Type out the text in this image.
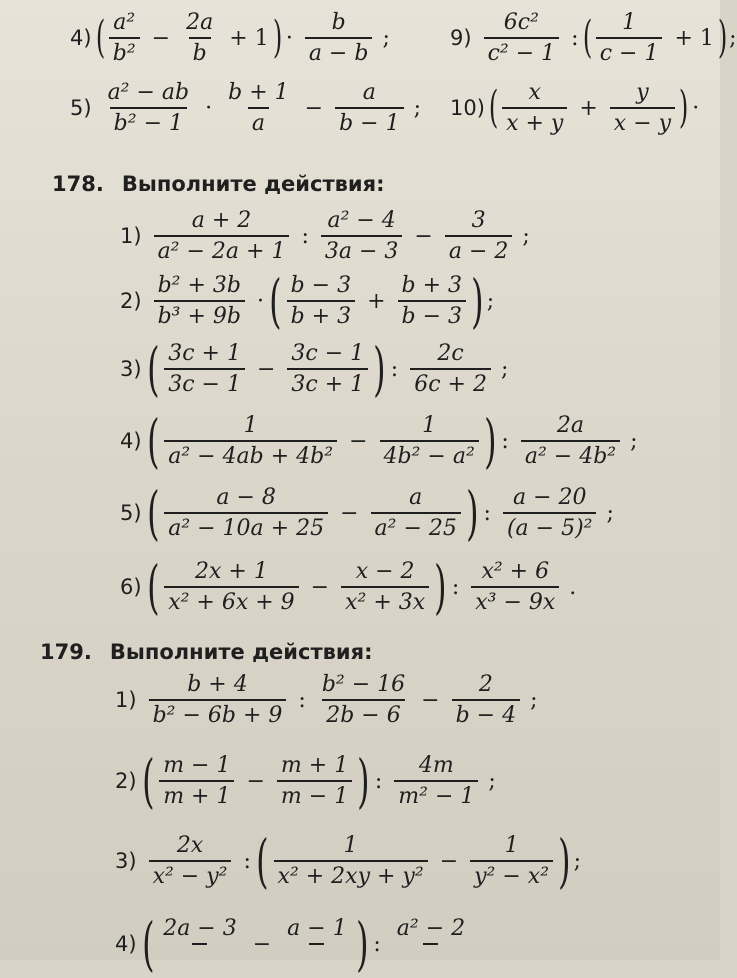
4) ( $\frac{\text{a²}}{\text{b²}} - \frac{2a}{b} + 1$ ) · $\frac{b}{a - b}$ ;	$9) \frac{\text{6c²}}{\text{c² − 1}}$ : ( $\frac{1}{c - 1} + 1$ ) ;
$5) \frac{\text{a² − ab}}{\text{b² − 1}} \cdot \frac{b + 1}{a} - \frac{a}{b - 1}$ ; 10) ( $\frac{x}{x + y} + \frac{y}{x - y}$ ) ·
178. Выполните действия:
$1) \frac{a + 2}{\text{a² − 2a + 1}}$ : $\frac{\text{a² − 4}}{3a - 3} - \frac{3}{a - 2}$ ;
$2) \frac{\text{b² + 3b}}{\text{b³ + 9b}}$ · ( $\frac{b - 3}{b + 3} + \frac{b + 3}{b - 3}$ ) ;
3) ( $\frac{3c + 1}{3c - 1} - \frac{3c - 1}{3c + 1}$ ) : $\frac{2c}{6c + 2}$ ;
4) ( $\frac{1}{\text{a² − 4ab + 4b²}} - \frac{1}{\text{4b² − a²}}$ ) : $\frac{2a}{\text{a² − 4b²}}$ ;
5) ( $\frac{a - 8}{\text{a² − 10a + 25}} - \frac{a}{\text{a² − 25}}$ ) : $\frac{a - 20}{\text{(a − 5)²}}$ ;
6) ( $\frac{2x + 1}{\text{x² + 6x + 9}} - \frac{x - 2}{\text{x² + 3x}}$ ) : $\frac{\text{x² + 6}}{\text{x³ − 9x}}$ .
179. Выполните действия:
$1) \frac{b + 4}{\text{b² − 6b + 9}}$ : $\frac{\text{b² − 16}}{2b - 6} - \frac{2}{b - 4}$ ;
2) ( $\frac{m - 1}{m + 1} - \frac{m + 1}{m - 1}$ ) : $\frac{4m}{\text{m² − 1}}$ ;
$3) \frac{2x}{\text{x² − y²}}$ : ( $\frac{1}{\text{x² + 2xy + y²}} - \frac{1}{\text{y² − x²}}$ ) ;
4) ( 2a − 3

−
a − 1
) :
a² − 2
